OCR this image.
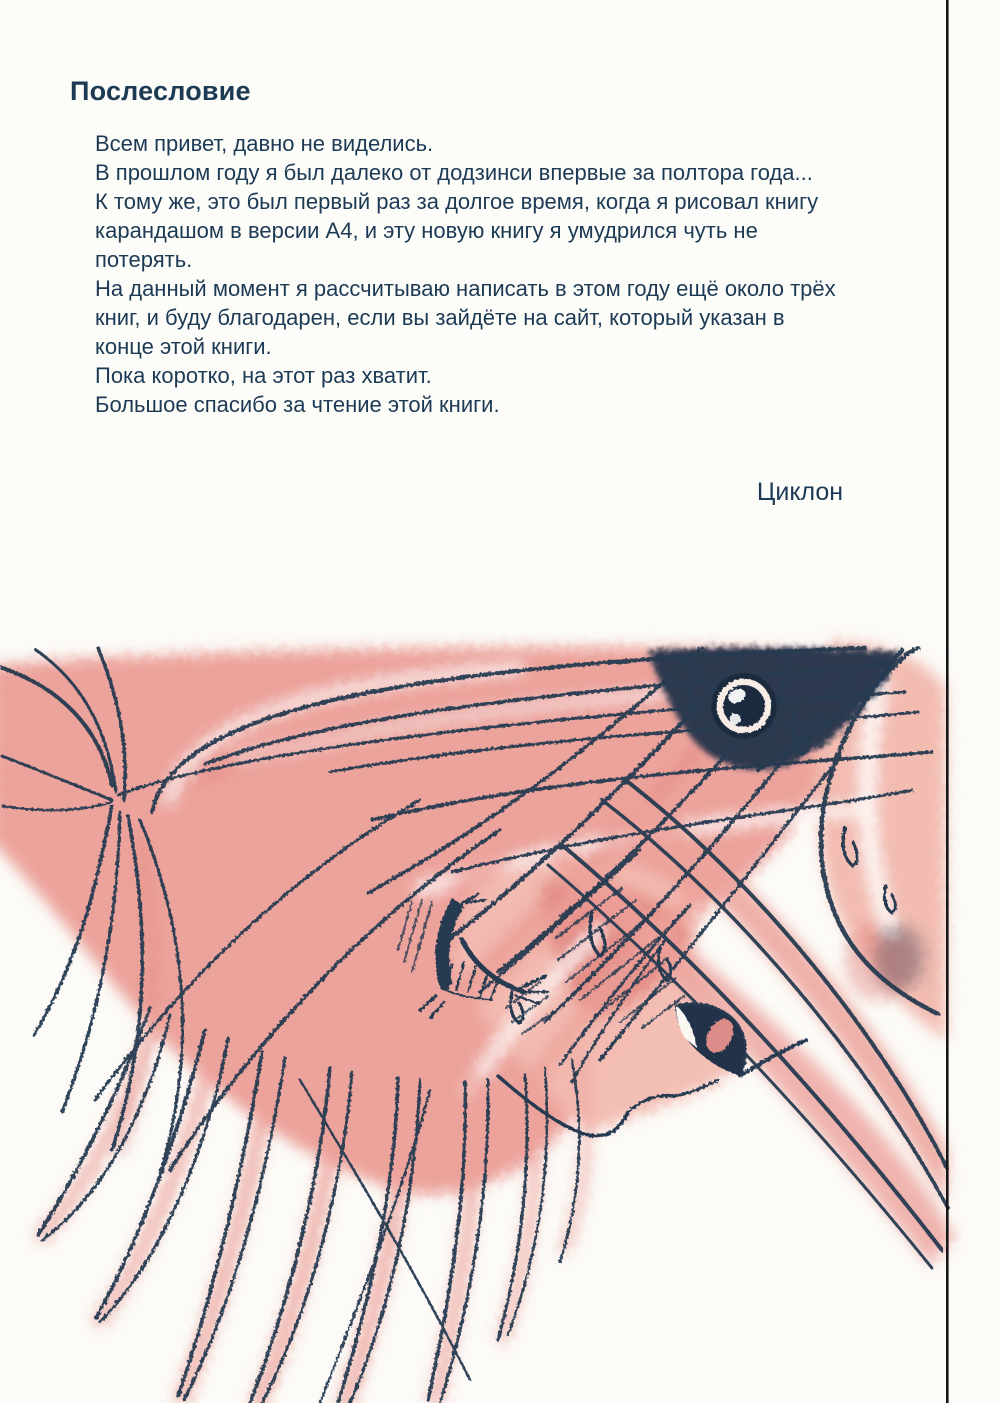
Послесловие
Всем привет, давно не виделись.
В прошлом году я был далеко от додзинси впервые за полтора года...
К тому же, это был первый раз за долгое время, когда я рисовал книгу
карандашом в версии А4, и эту новую книгу я умудрился чуть не
потерять.
На данный момент я рассчитываю написать в этом году ещё около трёх
книг, и буду благодарен, если вы зайдёте на сайт, который указан в
конце этой книги.
Пока коротко, на этот раз хватит.
Большое спасибо за чтение этой книги.
Циклон
